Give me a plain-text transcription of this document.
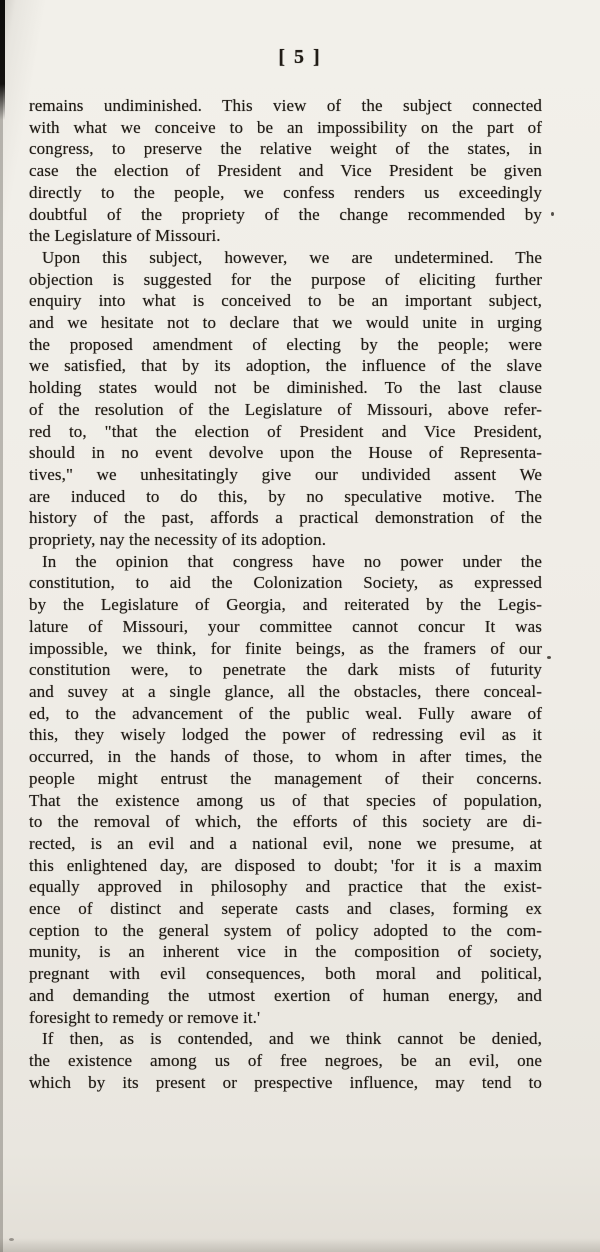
[ 5 ]
remains undiminished. This view of the subject connected
with what we conceive to be an impossibility on the part of
congress, to preserve the relative weight of the states, in
case the election of President and Vice President be given
directly to the people, we confess renders us exceedingly
doubtful of the propriety of the change recommended by
the Legislature of Missouri.
Upon this subject, however, we are undetermined. The
objection is suggested for the purpose of eliciting further
enquiry into what is conceived to be an important subject,
and we hesitate not to declare that we would unite in urging
the proposed amendment of electing by the people; were
we satisfied, that by its adoption, the influence of the slave
holding states would not be diminished. To the last clause
of the resolution of the Legislature of Missouri, above refer-
red to, "that the election of President and Vice President,
should in no event devolve upon the House of Representa-
tives," we unhesitatingly give our undivided assent We
are induced to do this, by no speculative motive. The
history of the past, affords a practical demonstration of the
propriety, nay the necessity of its adoption.
In the opinion that congress have no power under the
constitution, to aid the Colonization Society, as expressed
by the Legislature of Georgia, and reiterated by the Legis-
lature of Missouri, your committee cannot concur It was
impossible, we think, for finite beings, as the framers of our
constitution were, to penetrate the dark mists of futurity
and suvey at a single glance, all the obstacles, there conceal-
ed, to the advancement of the public weal. Fully aware of
this, they wisely lodged the power of redressing evil as it
occurred, in the hands of those, to whom in after times, the
people might entrust the management of their concerns.
That the existence among us of that species of population,
to the removal of which, the efforts of this society are di-
rected, is an evil and a national evil, none we presume, at
this enlightened day, are disposed to doubt; 'for it is a maxim
equally approved in philosophy and practice that the exist-
ence of distinct and seperate casts and clases, forming ex
ception to the general system of policy adopted to the com-
munity, is an inherent vice in the composition of society,
pregnant with evil consequences, both moral and political,
and demanding the utmost exertion of human energy, and
foresight to remedy or remove it.'
If then, as is contended, and we think cannot be denied,
the existence among us of free negroes, be an evil, one
which by its present or prespective influence, may tend to
